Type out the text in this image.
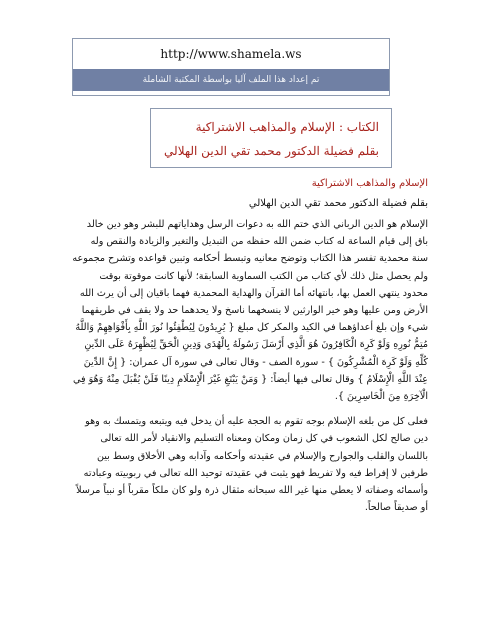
http://www.shamela.ws
تم إعداد هذا الملف آليا بواسطة المكتبة الشاملة
الكتاب : الإسلام والمذاهب الاشتراكية
بقلم فضيلة الدكتور محمد تقي الدين الهلالي
الإسلام والمذاهب الاشتراكية
بقلم فضيلة الدكتور محمد تقي الدين الهلالي

الإسلام هو الدين الرباني الذي ختم الله به دعوات الرسل وهداياتهم للبشر وهو دين خالد باق إلى قيام الساعة له كتاب ضمن الله حفظه من التبديل والتغير والزيادة والنقص وله سنة محمدية تفسر هذا الكتاب وتوضح معانيه وتبسط أحكامه وتبين قواعده وتشرح مجموعه ولم يحصل مثل ذلك لأي كتاب من الكتب السماوية السابقة؛ لأنها كانت موقوتة بوقت محدود ينتهي العمل بها، بانتهائه أما القرآن والهداية المحمدية فهما باقيان إلى أن يرث الله الأرض ومن عليها وهو خير الوارثين لا ينسخهما ناسخ ولا يحدهما حد ولا يقف في طريقهما شيء وإن بلغ أعداؤهما في الكيد والمكر كل مبلغ { يُرِيدُونَ لِيُطْفِئُوا نُورَ اللَّهِ بِأَفْوَاهِهِمْ وَاللَّهُ مُتِمُّ نُورِهِ وَلَوْ كَرِهَ الْكَافِرُونَ هُوَ الَّذِي أَرْسَلَ رَسُولَهُ بِالْهُدَى وَدِينِ الْحَقِّ لِيُظْهِرَهُ عَلَى الدِّينِ كُلِّهِ وَلَوْ كَرِهَ الْمُشْرِكُونَ } - سورة الصف - وقال تعالى في سورة آل عمران: { إِنَّ الدِّينَ عِنْدَ اللَّهِ الْإِسْلَامُ } وقال تعالى فيها أيضاً: { وَمَنْ يَبْتَغِ غَيْرَ الْإِسْلَامِ دِينًا فَلَنْ يُقْبَلَ مِنْهُ وَهُوَ فِي الْآخِرَةِ مِنَ الْخَاسِرِينَ }.

فعلى كل من بلغه الإسلام بوجه تقوم به الحجة عليه أن يدخل فيه ويتبعه ويتمسك به وهو دين صالح لكل الشعوب في كل زمان ومكان ومعناه التسليم والانقياد لأمر الله تعالى باللسان والقلب والجوارح والإسلام في عقيدته وأحكامه وآدابه وهي الأخلاق وسط بين طرفين لا إفراط فيه ولا تفريط فهو يثبت في عقيدته توحيد الله تعالى في ربوبيته وعبادته وأسمائه وصفاته لا يعطي منها غير الله سبحانه مثقال ذرة ولو كان ملكاً مقرباً أو نبياً مرسلاً أو صديقاً صالحاً.
